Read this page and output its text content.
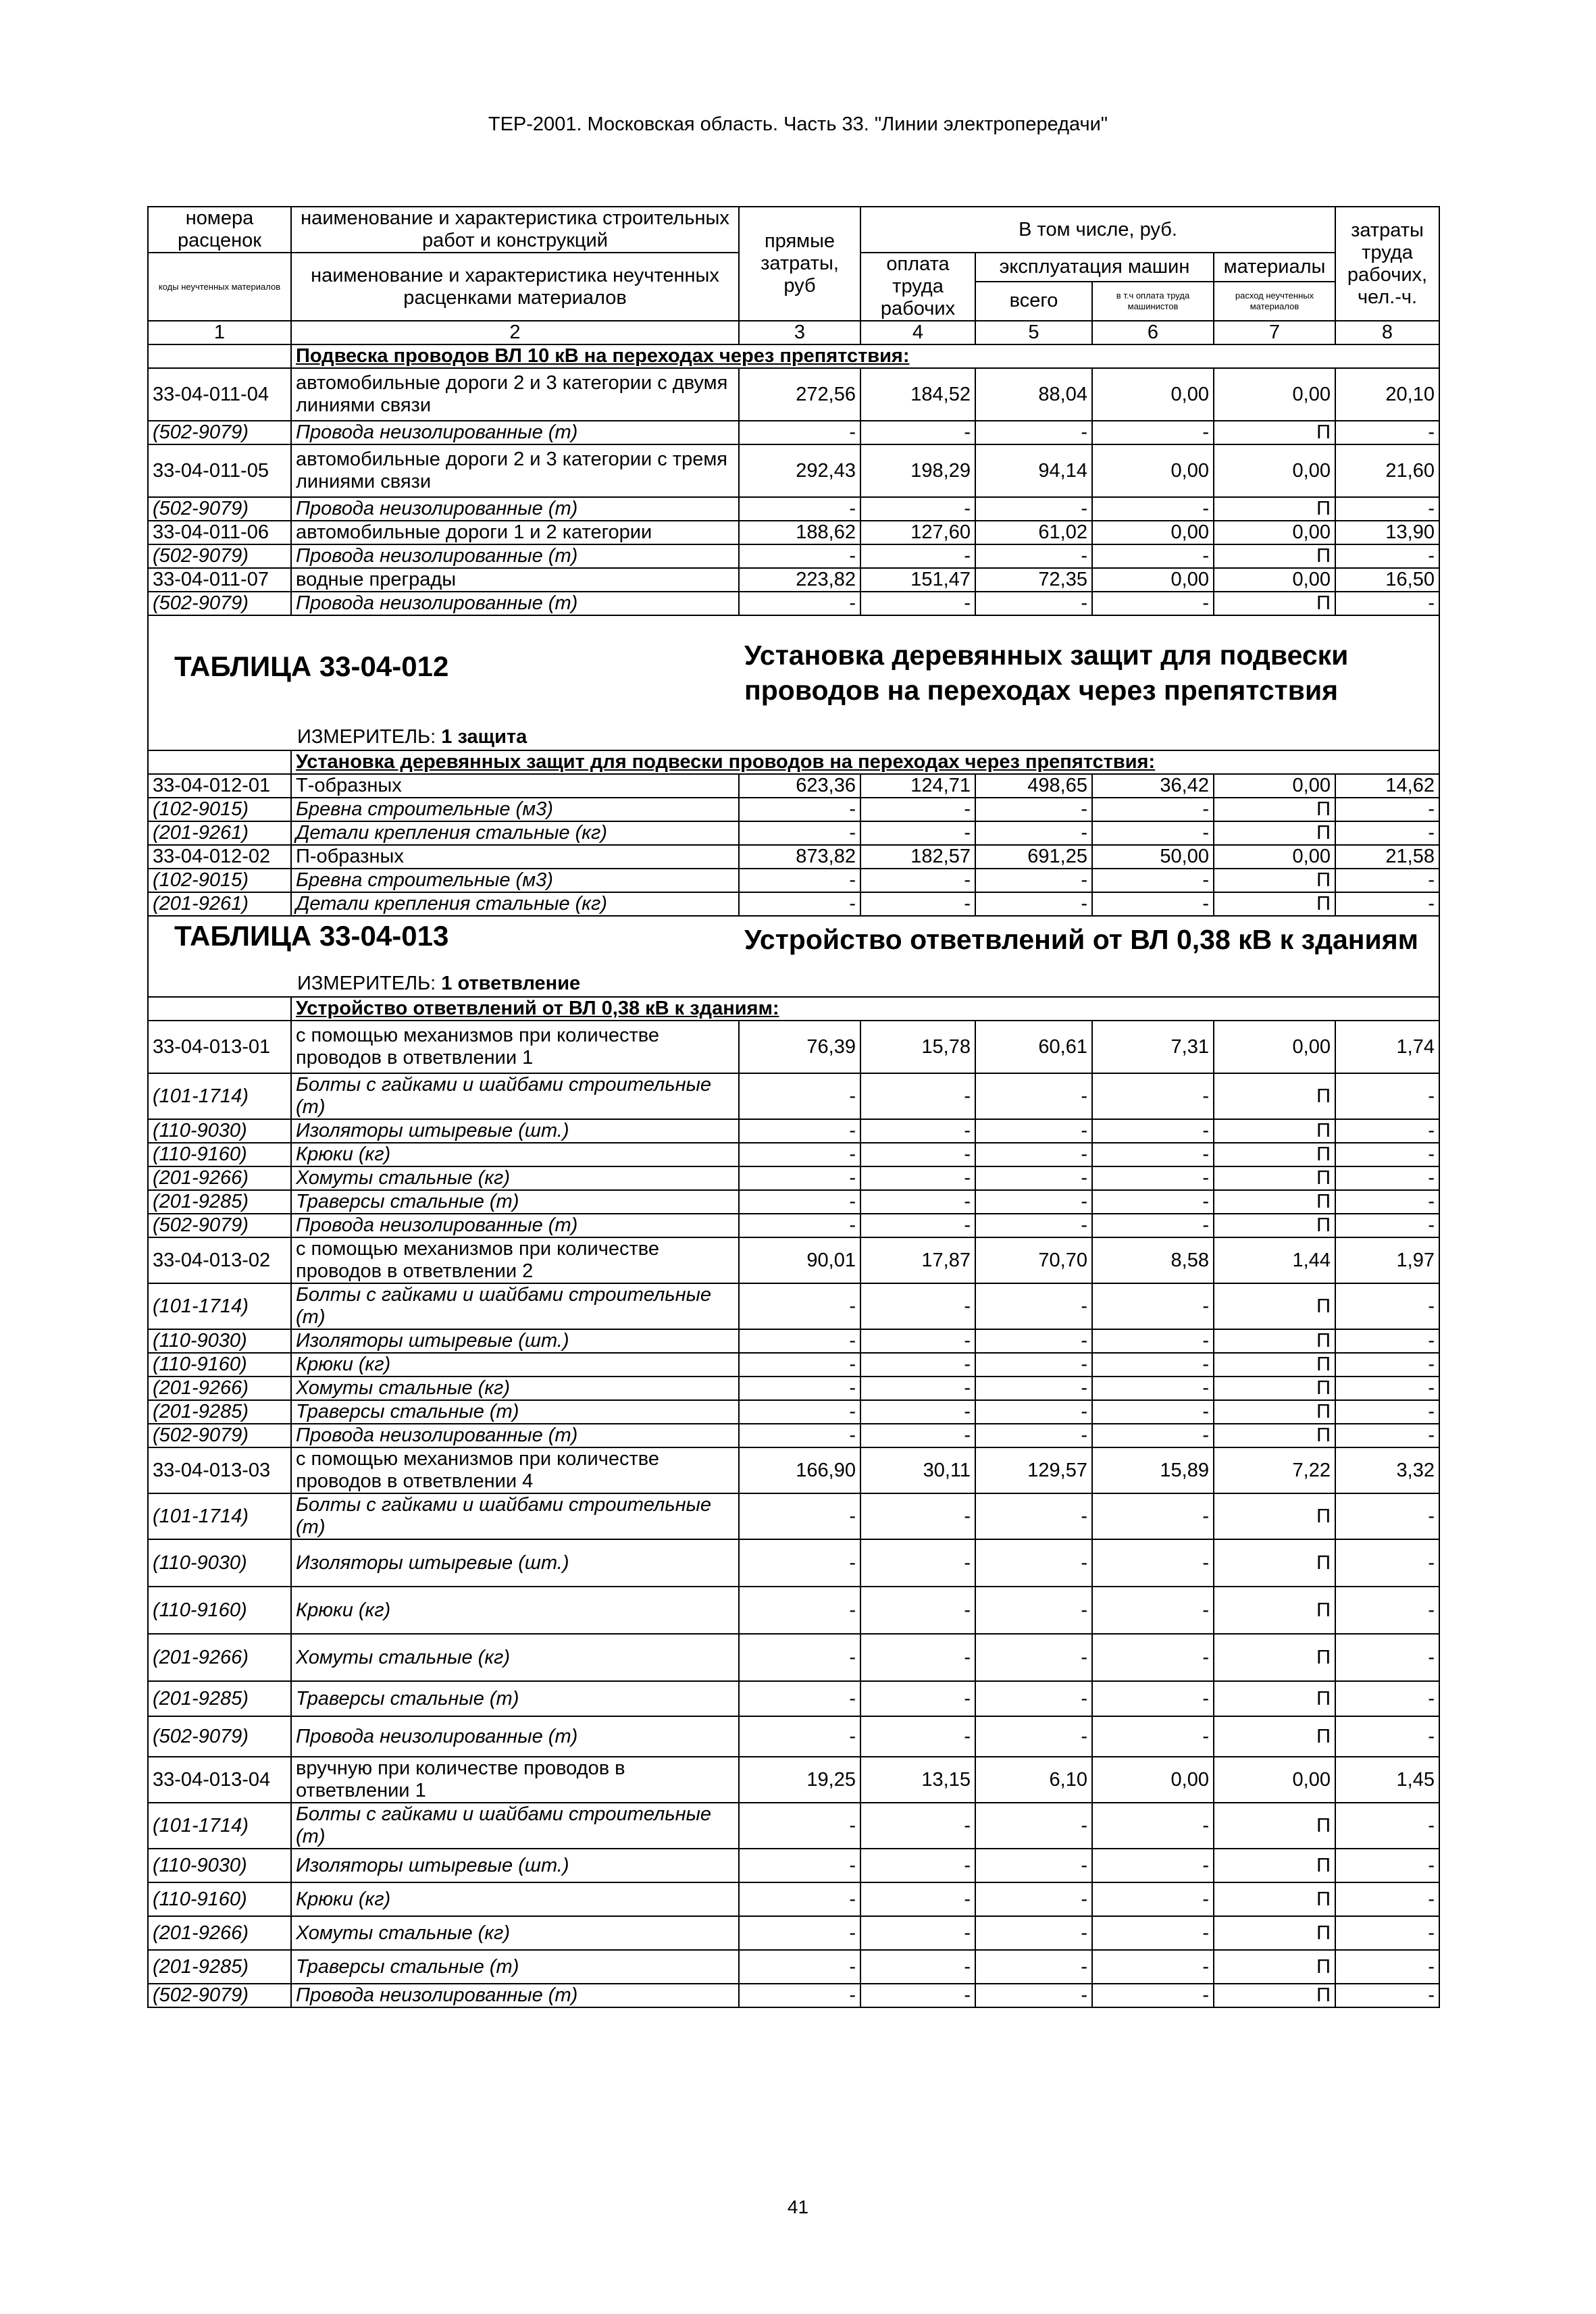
ТЕР-2001. Московская область. Часть 33. "Линии электропередачи"
номера расценок	наименование и характеристика строительных работ и конструкций	прямые затраты, руб	В том числе, руб.				затраты труда рабочих, чел.-ч.
коды неучтенных материалов	наименование и характеристика неучтенных расценками материалов		оплата труда рабочих	эксплуатация машин		материалы	
				всего	в т.ч оплата труда машинистов	расход неучтенных материалов	
1	2	3	4	5	6	7	8
	Подвеска проводов ВЛ 10 кВ на переходах через препятствия:						
33-04-011-04	автомобильные дороги 2 и 3 категории с двумя линиями связи	272,56	184,52	88,04	0,00	0,00	20,10
(502-9079)	Провода неизолированные (т)	-	-	-	-	П	-
33-04-011-05	автомобильные дороги 2 и 3 категории с тремя линиями связи	292,43	198,29	94,14	0,00	0,00	21,60
(502-9079)	Провода неизолированные (т)	-	-	-	-	П	-
33-04-011-06	автомобильные дороги 1 и 2 категории	188,62	127,60	61,02	0,00	0,00	13,90
(502-9079)	Провода неизолированные (т)	-	-	-	-	П	-
33-04-011-07	водные преграды	223,82	151,47	72,35	0,00	0,00	16,50
(502-9079)	Провода неизолированные (т)	-	-	-	-	П	-

ТАБЛИЦА 33-04-012 Установка деревянных защит для подвески проводов на переходах через препятствия
ИЗМЕРИТЕЛЬ: 1 защита							

	Установка деревянных защит для подвески проводов на переходах через препятствия:						
33-04-012-01	Т-образных	623,36	124,71	498,65	36,42	0,00	14,62
(102-9015)	Бревна строительные (м3)	-	-	-	-	П	-
(201-9261)	Детали крепления стальные (кг)	-	-	-	-	П	-
33-04-012-02	П-образных	873,82	182,57	691,25	50,00	0,00	21,58
(102-9015)	Бревна строительные (м3)	-	-	-	-	П	-
(201-9261)	Детали крепления стальные (кг)	-	-	-	-	П	-

ТАБЛИЦА 33-04-013 Устройство ответвлений от ВЛ 0,38 кВ к зданиям
ИЗМЕРИТЕЛЬ: 1 ответвление							

	Устройство ответвлений от ВЛ 0,38 кВ к зданиям:						
33-04-013-01	с помощью механизмов при количестве проводов в ответвлении 1	76,39	15,78	60,61	7,31	0,00	1,74
(101-1714)	Болты с гайками и шайбами строительные (т)	-	-	-	-	П	-
(110-9030)	Изоляторы штыревые (шт.)	-	-	-	-	П	-
(110-9160)	Крюки (кг)	-	-	-	-	П	-
(201-9266)	Хомуты стальные (кг)	-	-	-	-	П	-
(201-9285)	Траверсы стальные (т)	-	-	-	-	П	-
(502-9079)	Провода неизолированные (т)	-	-	-	-	П	-
33-04-013-02	с помощью механизмов при количестве проводов в ответвлении 2	90,01	17,87	70,70	8,58	1,44	1,97
(101-1714)	Болты с гайками и шайбами строительные (т)	-	-	-	-	П	-
(110-9030)	Изоляторы штыревые (шт.)	-	-	-	-	П	-
(110-9160)	Крюки (кг)	-	-	-	-	П	-
(201-9266)	Хомуты стальные (кг)	-	-	-	-	П	-
(201-9285)	Траверсы стальные (т)	-	-	-	-	П	-
(502-9079)	Провода неизолированные (т)	-	-	-	-	П	-
33-04-013-03	с помощью механизмов при количестве проводов в ответвлении 4	166,90	30,11	129,57	15,89	7,22	3,32
(101-1714)	Болты с гайками и шайбами строительные (т)	-	-	-	-	П	-
(110-9030)	Изоляторы штыревые (шт.)	-	-	-	-	П	-
(110-9160)	Крюки (кг)	-	-	-	-	П	-
(201-9266)	Хомуты стальные (кг)	-	-	-	-	П	-
(201-9285)	Траверсы стальные (т)	-	-	-	-	П	-
(502-9079)	Провода неизолированные (т)	-	-	-	-	П	-
33-04-013-04	вручную при количестве проводов в ответвлении 1	19,25	13,15	6,10	0,00	0,00	1,45
(101-1714)	Болты с гайками и шайбами строительные (т)	-	-	-	-	П	-
(110-9030)	Изоляторы штыревые (шт.)	-	-	-	-	П	-
(110-9160)	Крюки (кг)	-	-	-	-	П	-
(201-9266)	Хомуты стальные (кг)	-	-	-	-	П	-
(201-9285)	Траверсы стальные (т)	-	-	-	-	П	-
(502-9079)	Провода неизолированные (т)	-	-	-	-	П	-
41
